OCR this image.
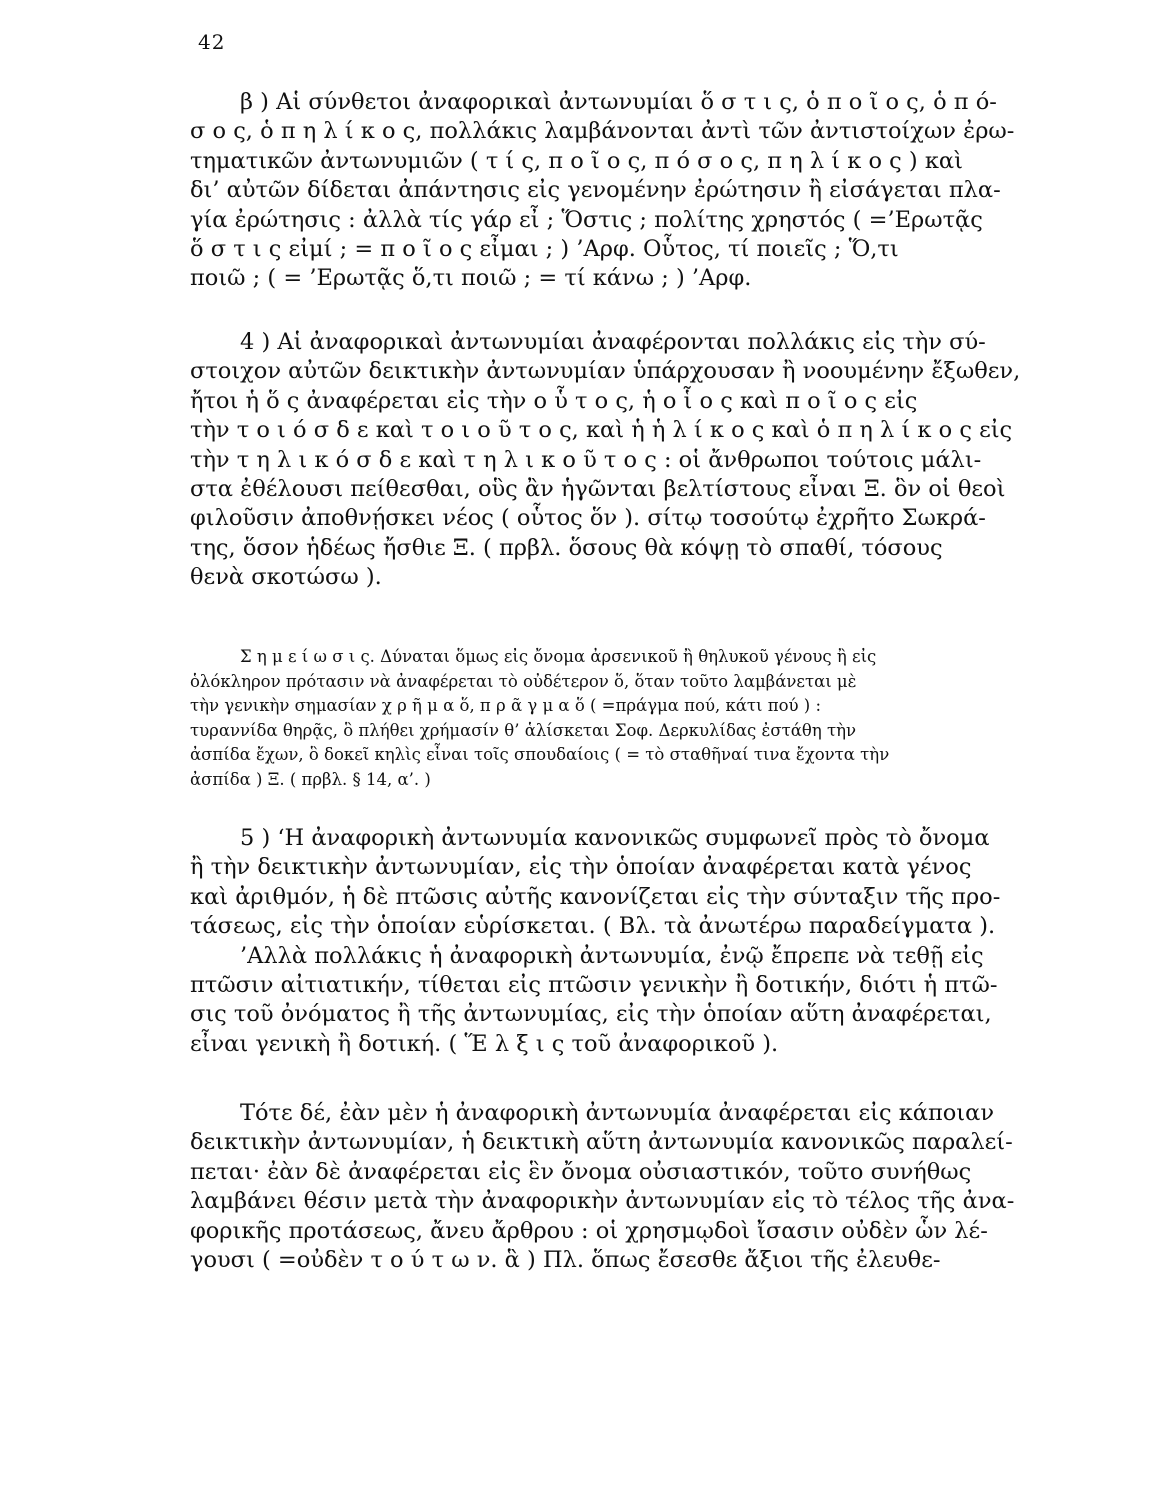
42
β ) Αἱ σύνθετοι ἀναφορικαὶ ἀντωνυμίαι ὅ σ τ ι ς, ὁ π ο ῖ ο ς, ὁ π ό-
σ ο ς, ὁ π η λ ί κ ο ς, πολλάκις λαμβάνονται ἀντὶ τῶν ἀντιστοίχων ἐρω-
τηματικῶν ἀντωνυμιῶν ( τ ί ς, π ο ῖ ο ς, π ό σ ο ς, π η λ ί κ ο ς ) καὶ
δι’ αὐτῶν δίδεται ἀπάντησις εἰς γενομένην ἐρώτησιν ἢ εἰσάγεται πλα-
γία ἐρώτησις : ἀλλὰ τίς γάρ εἶ ; Ὅστις ; πολίτης χρηστός ( =’Ερωτᾷς
ὅ σ τ ι ς εἰμί ; = π ο ῖ ο ς εἶμαι ; ) ’Αρφ. Οὗτος, τί ποιεῖς ; Ὅ,τι
ποιῶ ; ( = ’Ερωτᾷς ὅ,τι ποιῶ ; = τί κάνω ; ) ’Αρφ.
4 ) Αἱ ἀναφορικαὶ ἀντωνυμίαι ἀναφέρονται πολλάκις εἰς τὴν σύ-
στοιχον αὐτῶν δεικτικὴν ἀντωνυμίαν ὑπάρχουσαν ἢ νοουμένην ἔξωθεν,
ἤτοι ἡ ὅ ς ἀναφέρεται εἰς τὴν ο ὗ τ ο ς, ἡ ο ἷ ο ς καὶ π ο ῖ ο ς εἰς
τὴν τ ο ι ό σ δ ε καὶ τ ο ι ο ῦ τ ο ς, καὶ ἡ ἡ λ ί κ ο ς καὶ ὁ π η λ ί κ ο ς εἰς
τὴν τ η λ ι κ ό σ δ ε καὶ τ η λ ι κ ο ῦ τ ο ς : οἱ ἄνθρωποι τούτοις μάλι-
στα ἐθέλουσι πείθεσθαι, οὓς ἂν ἡγῶνται βελτίστους εἶναι Ξ. ὃν οἱ θεοὶ
φιλοῦσιν ἀποθνῄσκει νέος ( οὗτος ὅν ). σίτῳ τοσούτῳ ἐχρῆτο Σωκρά-
της, ὅσον ἡδέως ἤσθιε Ξ. ( πρβλ. ὅσους θὰ κόψῃ τὸ σπαθί, τόσους
θενὰ σκοτώσω ).
Σ η μ ε ί ω σ ι ς. Δύναται ὅμως εἰς ὄνομα ἀρσενικοῦ ἢ θηλυκοῦ γένους ἢ εἰς
ὁλόκληρον πρότασιν νὰ ἀναφέρεται τὸ οὐδέτερον ὅ, ὅταν τοῦτο λαμβάνεται μὲ
τὴν γενικὴν σημασίαν χ ρ ῆ μ α ὅ, π ρ ᾶ γ μ α ὅ ( =πράγμα πού, κάτι πού ) :
τυραννίδα θηρᾷς, ὃ πλήθει χρήμασίν θ’ ἁλίσκεται Σοφ. Δερκυλίδας ἐστάθη τὴν
ἀσπίδα ἔχων, ὃ δοκεῖ κηλὶς εἶναι τοῖς σπουδαίοις ( = τὸ σταθῆναί τινα ἔχοντα τὴν
ἀσπίδα ) Ξ. ( πρβλ. § 14, α’. )
5 ) ‘Η ἀναφορικὴ ἀντωνυμία κανονικῶς συμφωνεῖ πρὸς τὸ ὄνομα
ἢ τὴν δεικτικὴν ἀντωνυμίαν, εἰς τὴν ὁποίαν ἀναφέρεται κατὰ γένος
καὶ ἀριθμόν, ἡ δὲ πτῶσις αὐτῆς κανονίζεται εἰς τὴν σύνταξιν τῆς προ-
τάσεως, εἰς τὴν ὁποίαν εὑρίσκεται. ( Βλ. τὰ ἀνωτέρω παραδείγματα ).
’Αλλὰ πολλάκις ἡ ἀναφορικὴ ἀντωνυμία, ἐνῷ ἔπρεπε νὰ τεθῇ εἰς
πτῶσιν αἰτιατικήν, τίθεται εἰς πτῶσιν γενικὴν ἢ δοτικήν, διότι ἡ πτῶ-
σις τοῦ ὀνόματος ἢ τῆς ἀντωνυμίας, εἰς τὴν ὁποίαν αὕτη ἀναφέρεται,
εἶναι γενικὴ ἢ δοτική. ( Ἕ λ ξ ι ς τοῦ ἀναφορικοῦ ).
Τότε δέ, ἐὰν μὲν ἡ ἀναφορικὴ ἀντωνυμία ἀναφέρεται εἰς κάποιαν
δεικτικὴν ἀντωνυμίαν, ἡ δεικτικὴ αὕτη ἀντωνυμία κανονικῶς παραλεί-
πεται· ἐὰν δὲ ἀναφέρεται εἰς ἓν ὄνομα οὐσιαστικόν, τοῦτο συνήθως
λαμβάνει θέσιν μετὰ τὴν ἀναφορικὴν ἀντωνυμίαν εἰς τὸ τέλος τῆς ἀνα-
φορικῆς προτάσεως, ἄνευ ἄρθρου : οἱ χρησμῳδοὶ ἴσασιν οὐδὲν ὧν λέ-
γουσι ( =οὐδὲν τ ο ύ τ ω ν. ἃ ) Πλ. ὅπως ἔσεσθε ἄξιοι τῆς ἐλευθε-
